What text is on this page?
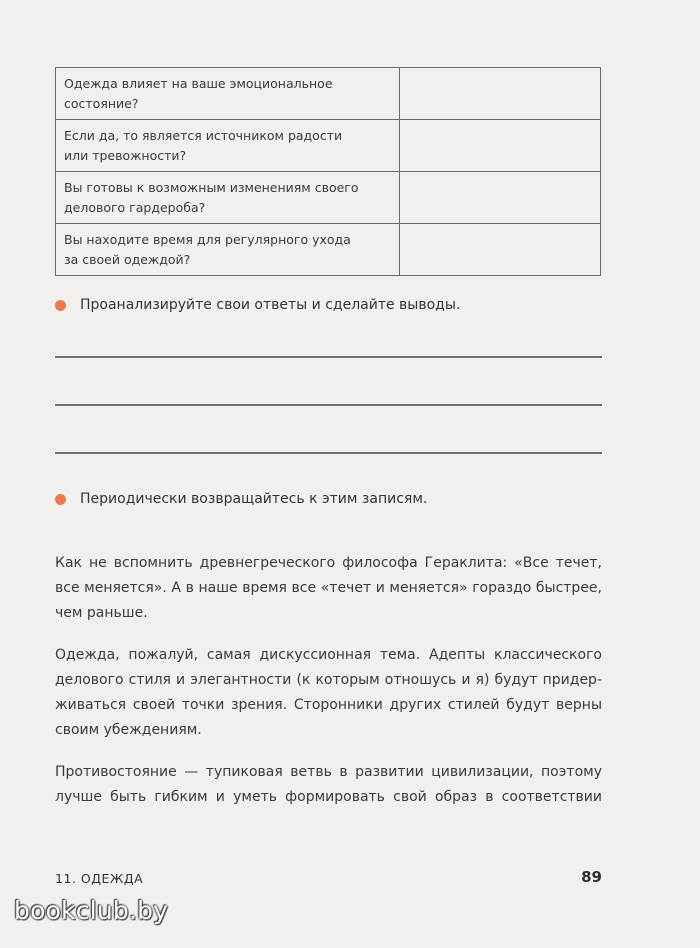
Одежда влияет на ваше эмоциональное
состояние?	
Если да, то является источником радости
или тревожности?	
Вы готовы к возможным изменениям своего
делового гардероба?	
Вы находите время для регулярного ухода
за своей одеждой?	
Проанализируйте свои ответы и сделайте выводы.
Периодически возвращайтесь к этим записям.
Как не вспомнить древнегреческого философа Гераклита: «Все течет,
все меняется». А в наше время все «течет и меняется» гораздо быстрее,
чем раньше.
Одежда, пожалуй, самая дискуссионная тема. Адепты классического
делового стиля и элегантности (к которым отношусь и я) будут придер-
живаться своей точки зрения. Сторонники других стилей будут верны
своим убеждениям.
Противостояние — тупиковая ветвь в развитии цивилизации, поэтому
лучше быть гибким и уметь формировать свой образ в соответствии
11. ОДЕЖДА	89
bookclub.by
